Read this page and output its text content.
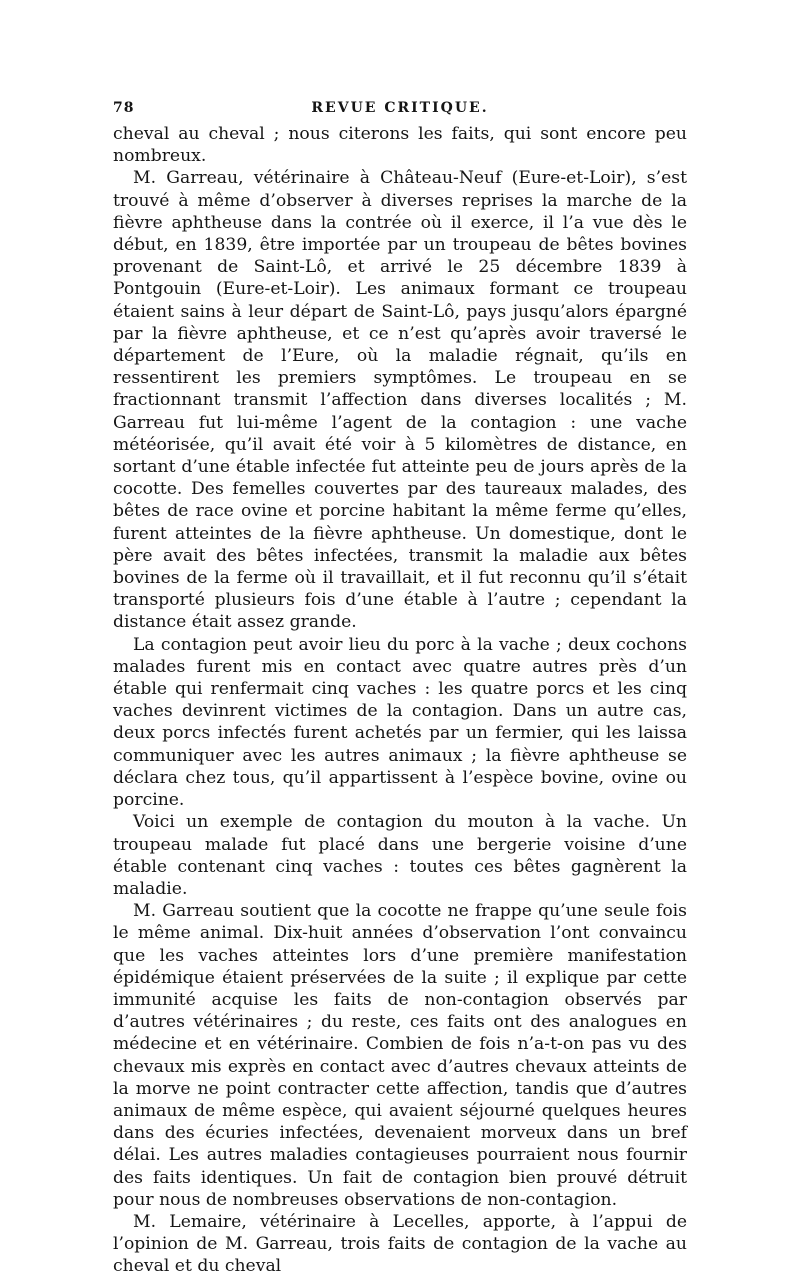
78	REVUE CRITIQUE.

cheval au cheval ; nous citerons les faits, qui sont encore peu nombreux.

M. Garreau, vétérinaire à Château-Neuf (Eure-et-Loir), s’est trouvé à même d’observer à diverses reprises la marche de la fièvre aphtheuse dans la contrée où il exerce, il l’a vue dès le début, en 1839, être importée par un troupeau de bêtes bovines provenant de Saint-Lô, et arrivé le 25 décembre 1839 à Pontgouin (Eure-et-Loir). Les animaux formant ce troupeau étaient sains à leur départ de Saint-Lô, pays jusqu’alors épargné par la fièvre aphtheuse, et ce n’est qu’après avoir traversé le département de l’Eure, où la maladie régnait, qu’ils en ressentirent les premiers symptômes. Le troupeau en se fractionnant transmit l’affection dans diverses localités ; M. Garreau fut lui-même l’agent de la contagion : une vache météorisée, qu’il avait été voir à 5 kilomètres de distance, en sortant d’une étable infectée fut atteinte peu de jours après de la cocotte. Des femelles couvertes par des taureaux malades, des bêtes de race ovine et porcine habitant la même ferme qu’elles, furent atteintes de la fièvre aphtheuse. Un domestique, dont le père avait des bêtes infectées, transmit la maladie aux bêtes bovines de la ferme où il travaillait, et il fut reconnu qu’il s’était transporté plusieurs fois d’une étable à l’autre ; cependant la distance était assez grande.

La contagion peut avoir lieu du porc à la vache ; deux cochons malades furent mis en contact avec quatre autres près d’un étable qui renfermait cinq vaches : les quatre porcs et les cinq vaches devinrent victimes de la contagion. Dans un autre cas, deux porcs infectés furent achetés par un fermier, qui les laissa communiquer avec les autres animaux ; la fièvre aphtheuse se déclara chez tous, qu’il appartissent à l’espèce bovine, ovine ou porcine.

Voici un exemple de contagion du mouton à la vache. Un troupeau malade fut placé dans une bergerie voisine d’une étable contenant cinq vaches : toutes ces bêtes gagnèrent la maladie.

M. Garreau soutient que la cocotte ne frappe qu’une seule fois le même animal. Dix-huit années d’observation l’ont convaincu que les vaches atteintes lors d’une première manifestation épidémique étaient préservées de la suite ; il explique par cette immunité acquise les faits de non-contagion observés par d’autres vétérinaires ; du reste, ces faits ont des analogues en médecine et en vétérinaire. Combien de fois n’a-t-on pas vu des chevaux mis exprès en contact avec d’autres chevaux atteints de la morve ne point contracter cette affection, tandis que d’autres animaux de même espèce, qui avaient séjourné quelques heures dans des écuries infectées, devenaient morveux dans un bref délai. Les autres maladies contagieuses pourraient nous fournir des faits identiques. Un fait de contagion bien prouvé détruit pour nous de nombreuses observations de non-contagion.

M. Lemaire, vétérinaire à Lecelles, apporte, à l’appui de l’opinion de M. Garreau, trois faits de contagion de la vache au cheval et du cheval
